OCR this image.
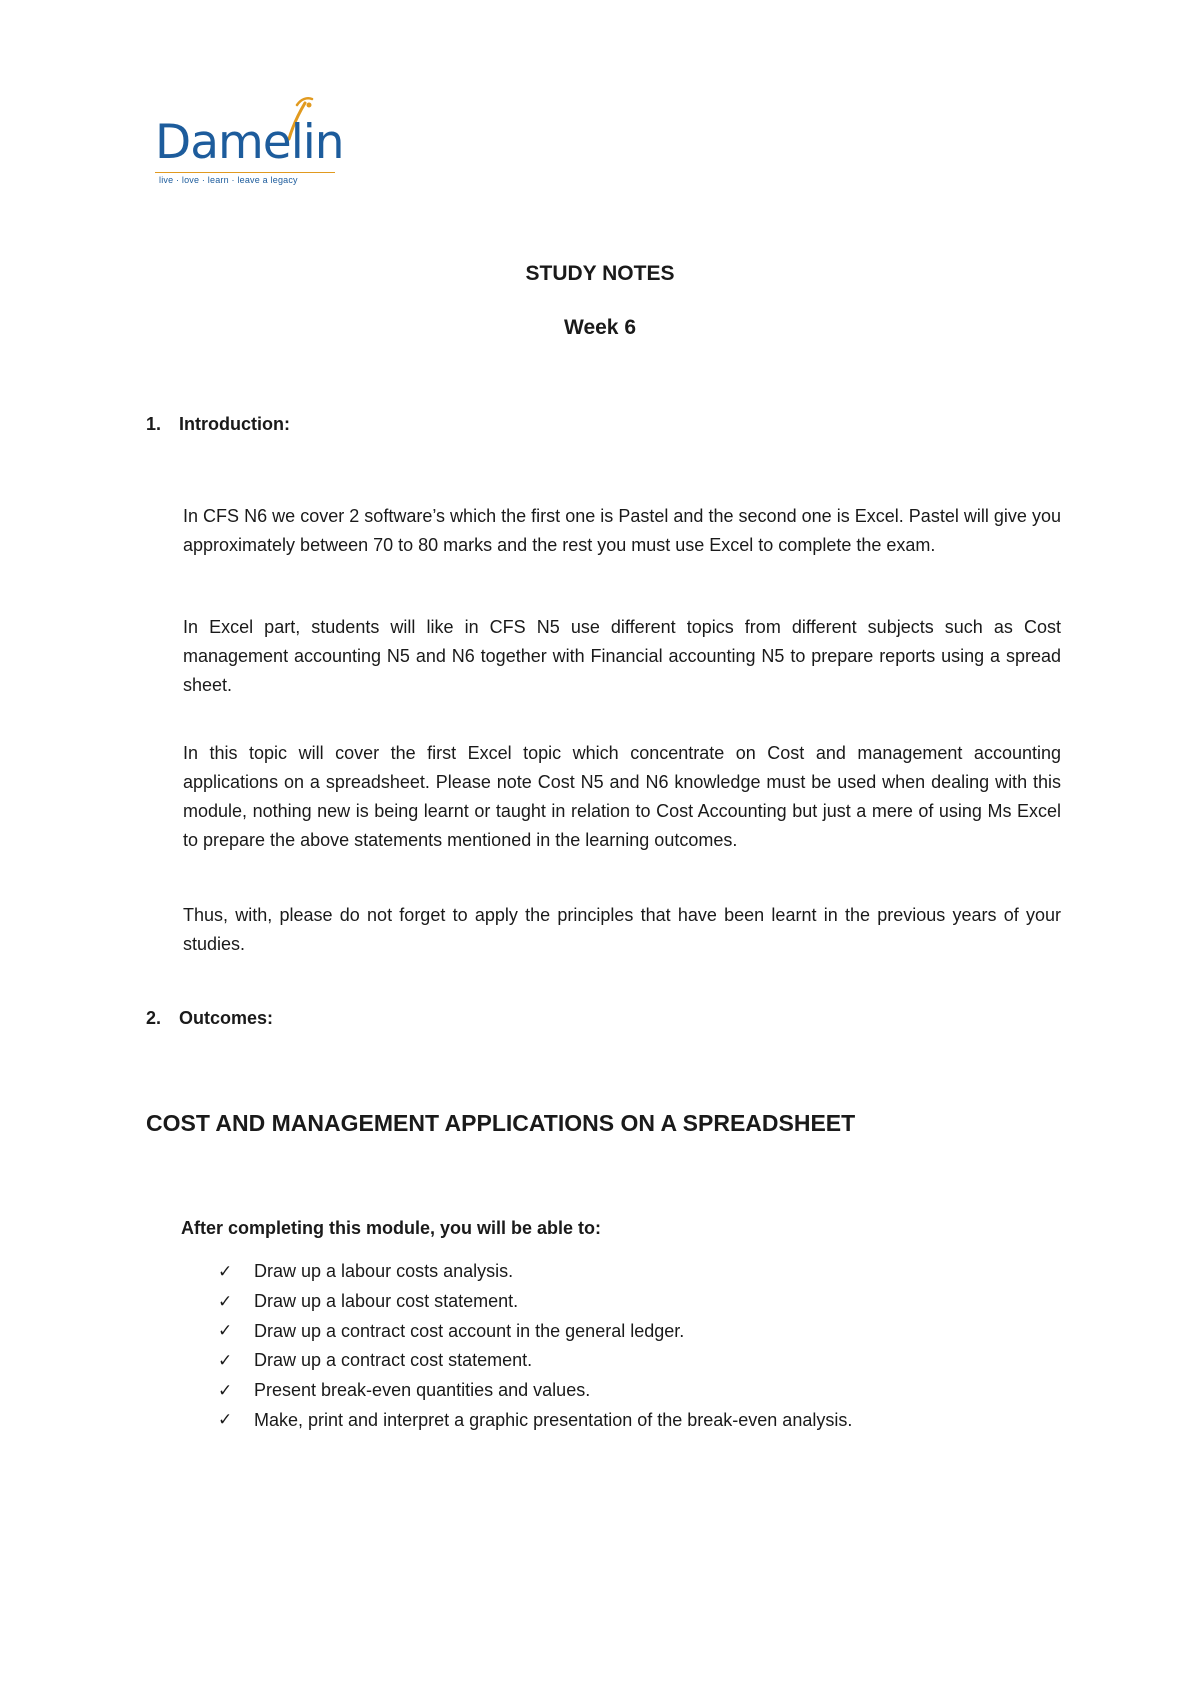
Damelin
live · love · learn · leave a legacy
STUDY NOTES
Week 6
1. Introduction:
In CFS N6 we cover 2 software’s which the first one is Pastel and the second one is Excel. Pastel will give you approximately between 70 to 80 marks and the rest you must use Excel to complete the exam.
In Excel part, students will like in CFS N5 use different topics from different subjects such as Cost management accounting N5 and N6 together with Financial accounting N5 to prepare reports using a spread sheet.
In this topic will cover the first Excel topic which concentrate on Cost and management accounting applications on a spreadsheet. Please note Cost N5 and N6 knowledge must be used when dealing with this module, nothing new is being learnt or taught in relation to Cost Accounting but just a mere of using Ms Excel to prepare the above statements mentioned in the learning outcomes.
Thus, with, please do not forget to apply the principles that have been learnt in the previous years of your studies.
2. Outcomes:
COST AND MANAGEMENT APPLICATIONS ON A SPREADSHEET
After completing this module, you will be able to:
✓	Draw up a labour costs analysis.
✓	Draw up a labour cost statement.
✓	Draw up a contract cost account in the general ledger.
✓	Draw up a contract cost statement.
✓	Present break-even quantities and values.
✓	Make, print and interpret a graphic presentation of the break-even analysis.
